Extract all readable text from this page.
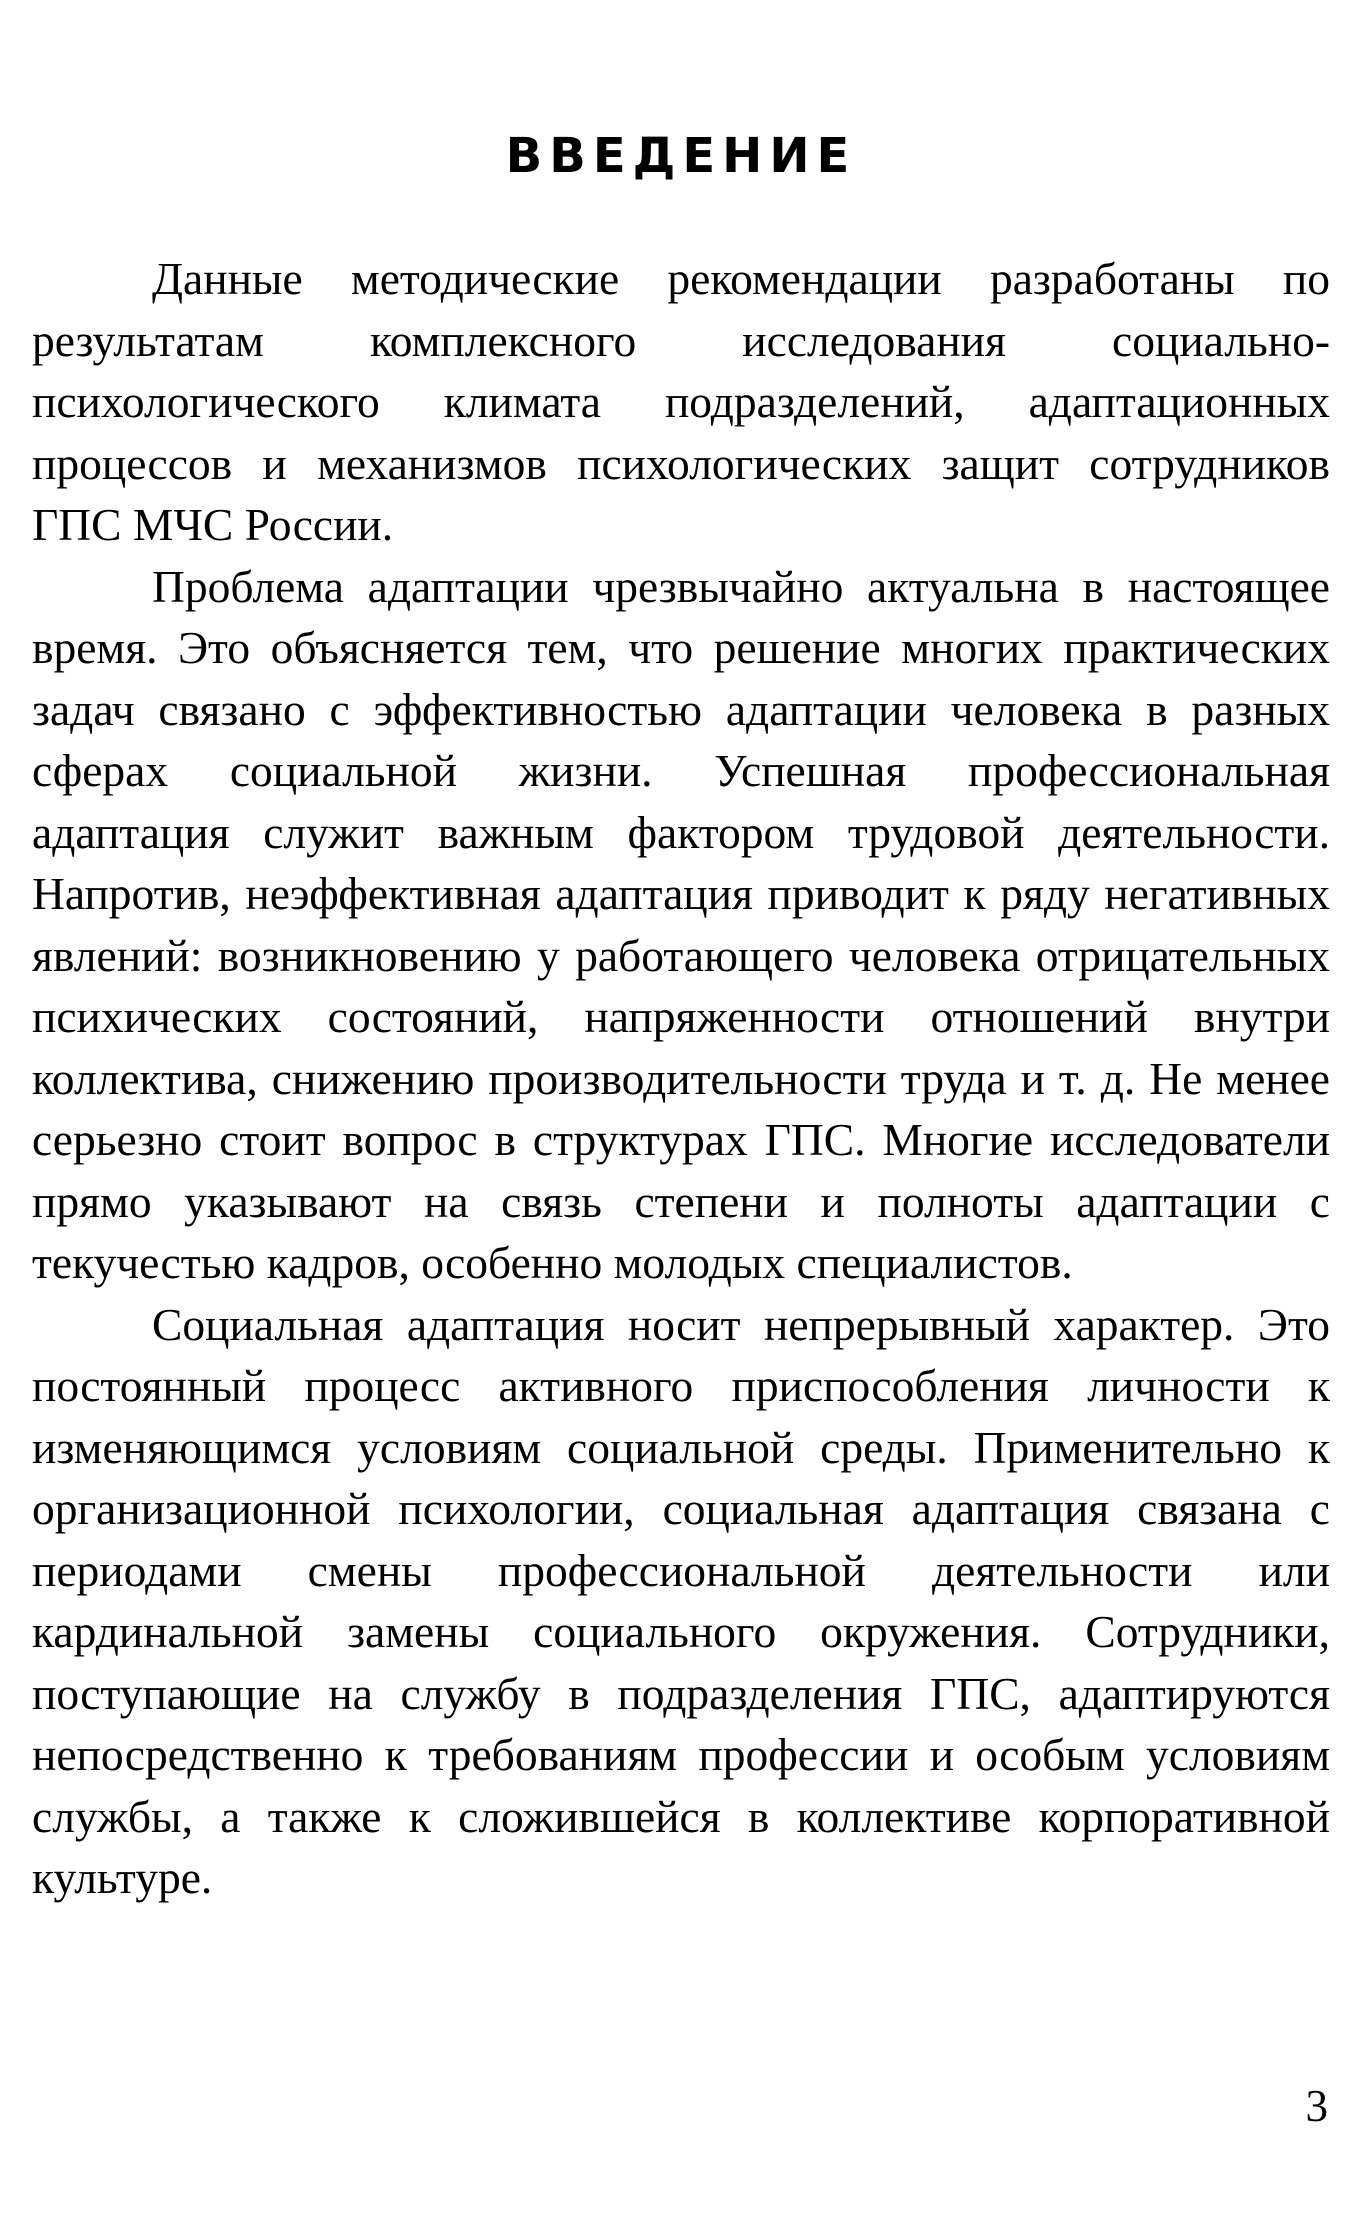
ВВЕДЕНИЕ

Данные методические рекомендации разработаны по результатам комплексного исследования социально-психологического климата подразделений, адаптационных процессов и механизмов психологических защит сотрудников ГПС МЧС России.

Проблема адаптации чрезвычайно актуальна в настоящее время. Это объясняется тем, что решение многих практических задач связано с эффективностью адаптации человека в разных сферах социальной жизни. Успешная профессиональная адаптация служит важным фактором трудовой деятельности. Напротив, неэффективная адаптация приводит к ряду негативных явлений: возникновению у работающего человека отрицательных психических состояний, напряженности отношений внутри коллектива, снижению производительности труда и т. д. Не менее серьезно стоит вопрос в структурах ГПС. Многие исследователи прямо указывают на связь степени и полноты адаптации с текучестью кадров, особенно молодых специалистов.

Социальная адаптация носит непрерывный характер. Это постоянный процесс активного приспособления личности к изменяющимся условиям социальной среды. Применительно к организационной психологии, социальная адаптация связана с периодами смены профессиональной деятельности или кардинальной замены социального окружения. Сотрудники, поступающие на службу в подразделения ГПС, адаптируются непосредственно к требованиям профессии и особым условиям службы, а также к сложившейся в коллективе корпоративной культуре.

3
